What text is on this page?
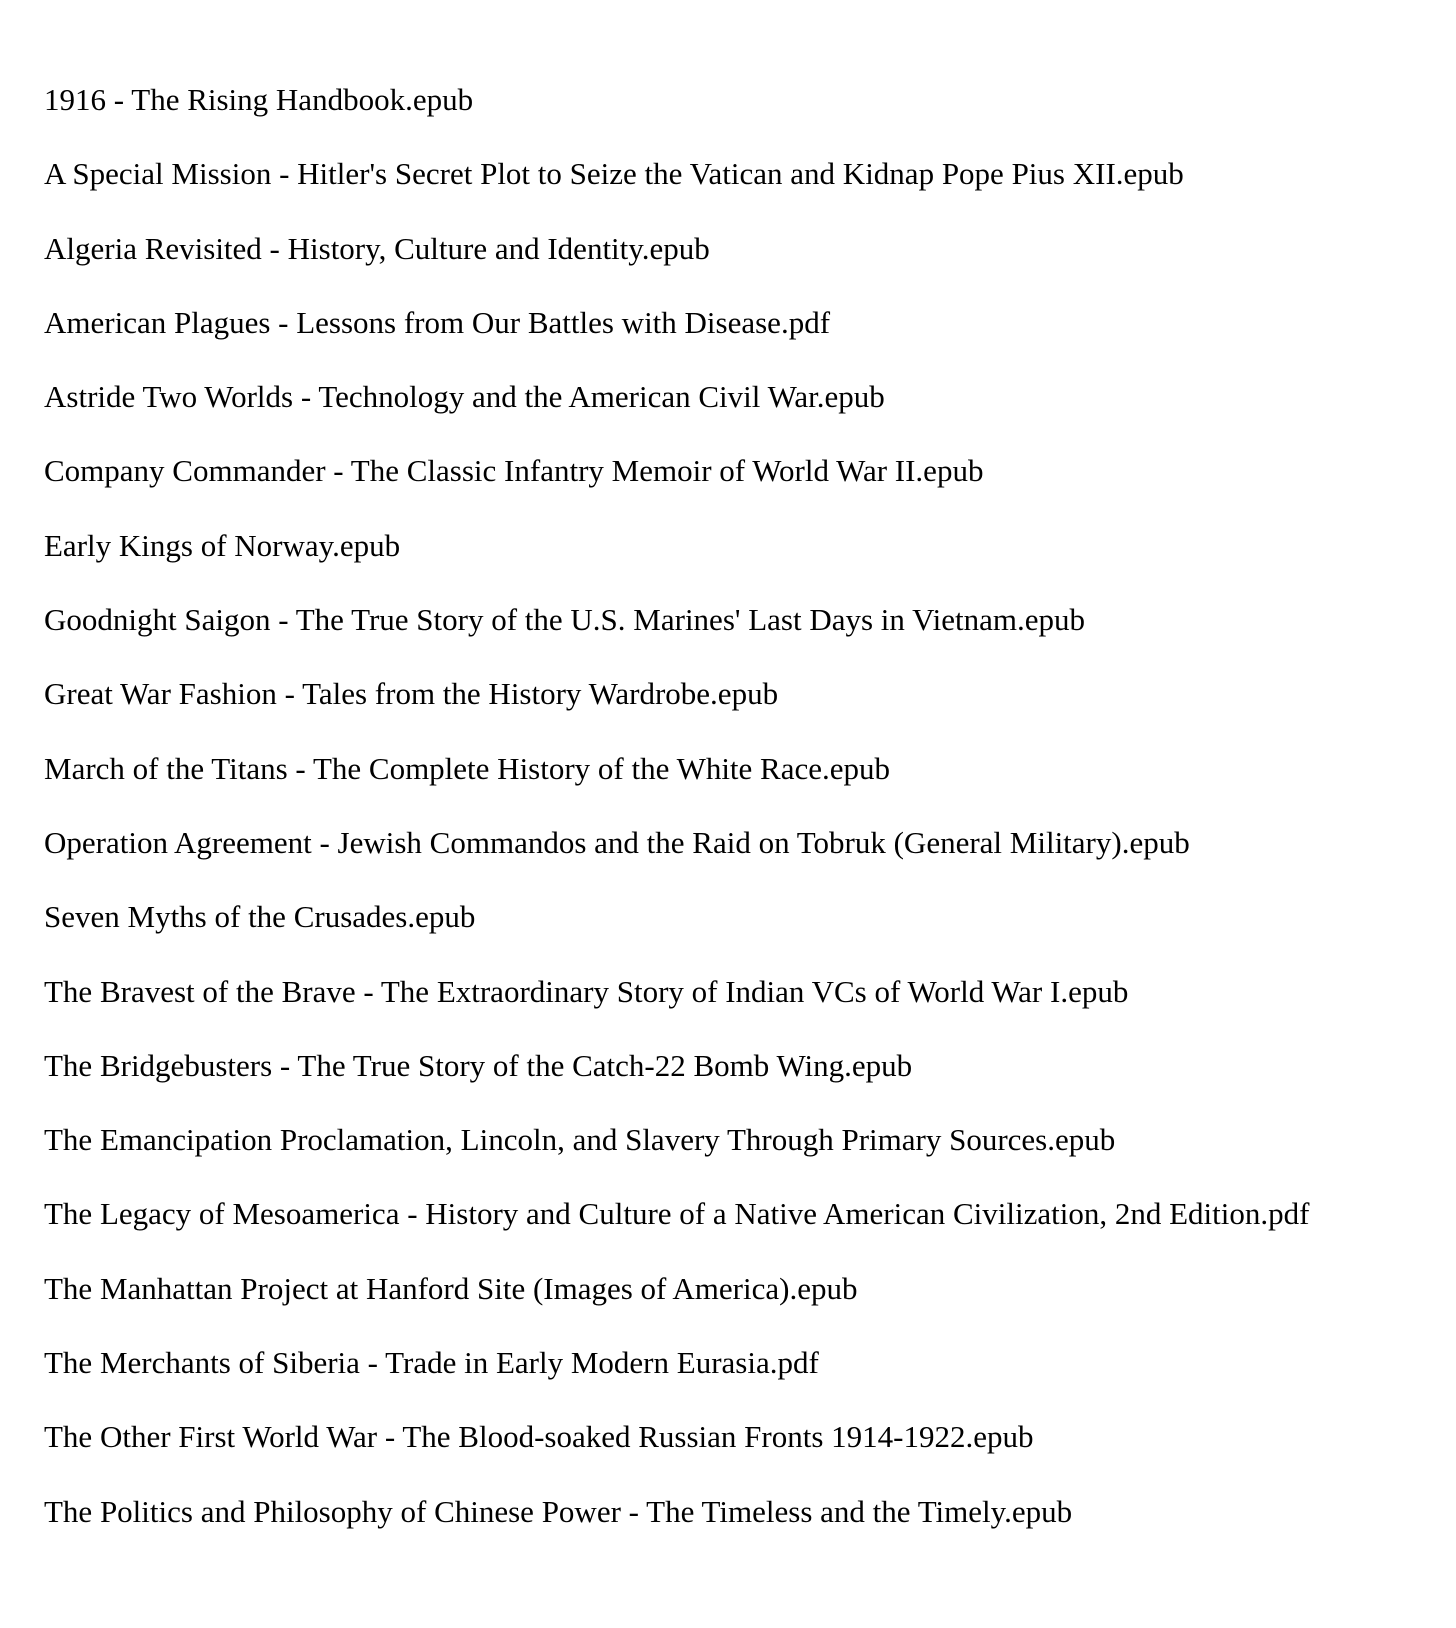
1916 - The Rising Handbook.epub
A Special Mission - Hitler's Secret Plot to Seize the Vatican and Kidnap Pope Pius XII.epub
Algeria Revisited - History, Culture and Identity.epub
American Plagues - Lessons from Our Battles with Disease.pdf
Astride Two Worlds - Technology and the American Civil War.epub
Company Commander - The Classic Infantry Memoir of World War II.epub
Early Kings of Norway.epub
Goodnight Saigon - The True Story of the U.S. Marines' Last Days in Vietnam.epub
Great War Fashion - Tales from the History Wardrobe.epub
March of the Titans - The Complete History of the White Race.epub
Operation Agreement - Jewish Commandos and the Raid on Tobruk (General Military).epub
Seven Myths of the Crusades.epub
The Bravest of the Brave - The Extraordinary Story of Indian VCs of World War I.epub
The Bridgebusters - The True Story of the Catch-22 Bomb Wing.epub
The Emancipation Proclamation, Lincoln, and Slavery Through Primary Sources.epub
The Legacy of Mesoamerica - History and Culture of a Native American Civilization, 2nd Edition.pdf
The Manhattan Project at Hanford Site (Images of America).epub
The Merchants of Siberia - Trade in Early Modern Eurasia.pdf
The Other First World War - The Blood-soaked Russian Fronts 1914-1922.epub
The Politics and Philosophy of Chinese Power - The Timeless and the Timely.epub
